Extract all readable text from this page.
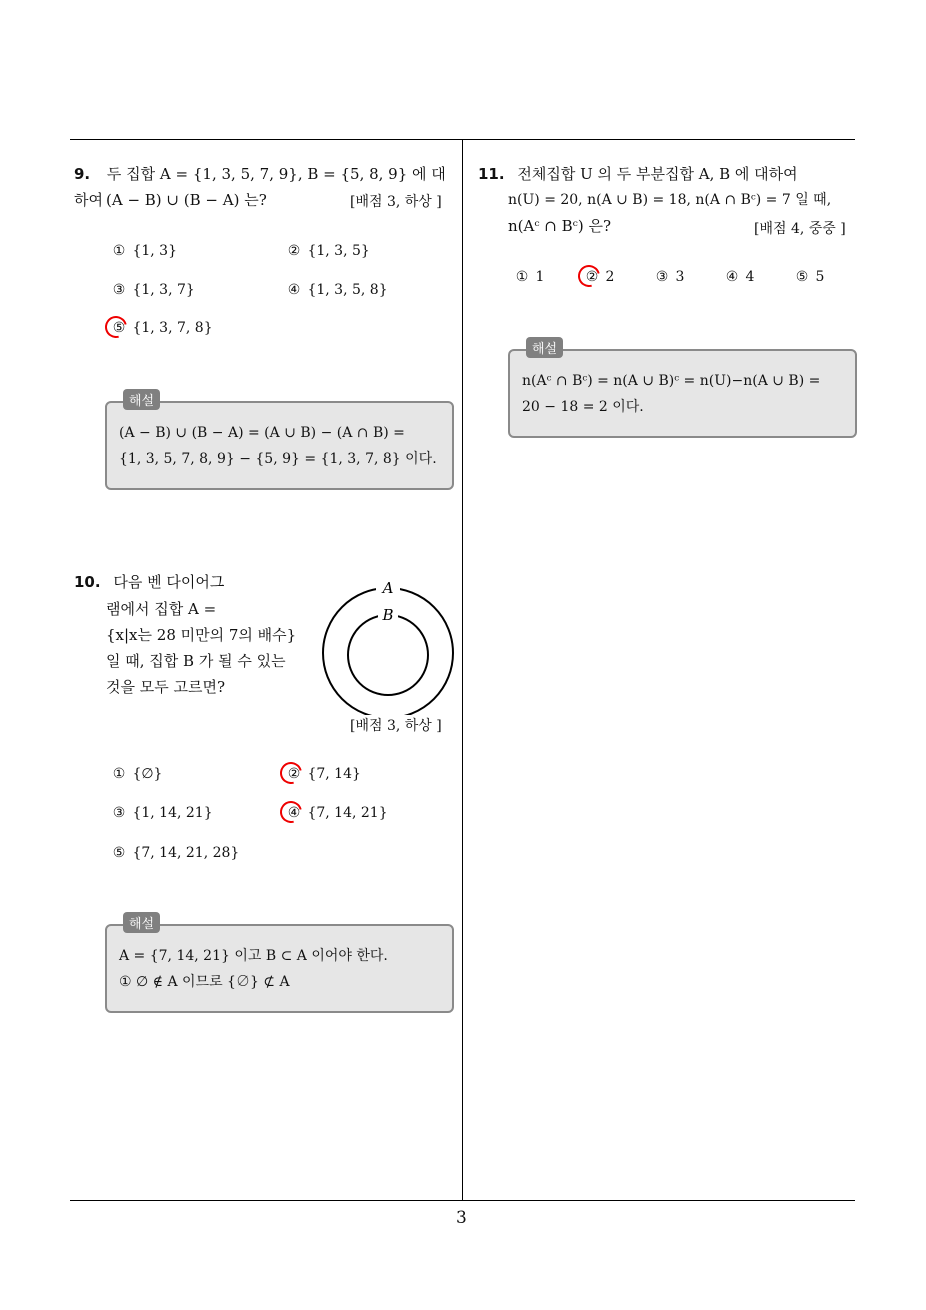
9. 두 집합 A = {1, 3, 5, 7, 9}, B = {5, 8, 9} 에 대하여 (A − B) ∪ (B − A) 는?	[배점 3, 하상 ]
① {1, 3}	② {1, 3, 5}
③ {1, 3, 7}	④ {1, 3, 5, 8}
⑤ {1, 3, 7, 8}
해설
(A − B) ∪ (B − A) = (A ∪ B) − (A ∩ B) =
{1, 3, 5, 7, 8, 9} − {5, 9} = {1, 3, 7, 8} 이다.
10. 다음 벤 다이어그
램에서 집합 A =
{x|x는 28 미만의 7의 배수}
일 때, 집합 B 가 될 수 있는
것을 모두 고르면?
A
B
[배점 3, 하상 ]
① {∅}	② {7, 14}
③ {1, 14, 21}	④ {7, 14, 21}
⑤ {7, 14, 21, 28}
해설
A = {7, 14, 21} 이고 B ⊂ A 이어야 한다.
① ∅ ∉ A 이므로 {∅} ⊄ A
11. 전체집합 U 의 두 부분집합 A, B 에 대하여
n(U) = 20, n(A ∪ B) = 18, n(A ∩ Bᶜ) = 7 일 때,
n(Aᶜ ∩ Bᶜ) 은?	[배점 4, 중중 ]
① 1	② 2	③ 3	④ 4	⑤ 5
해설
n(Aᶜ ∩ Bᶜ) = n(A ∪ B)ᶜ = n(U)−n(A ∪ B) =
20 − 18 = 2 이다.
3
